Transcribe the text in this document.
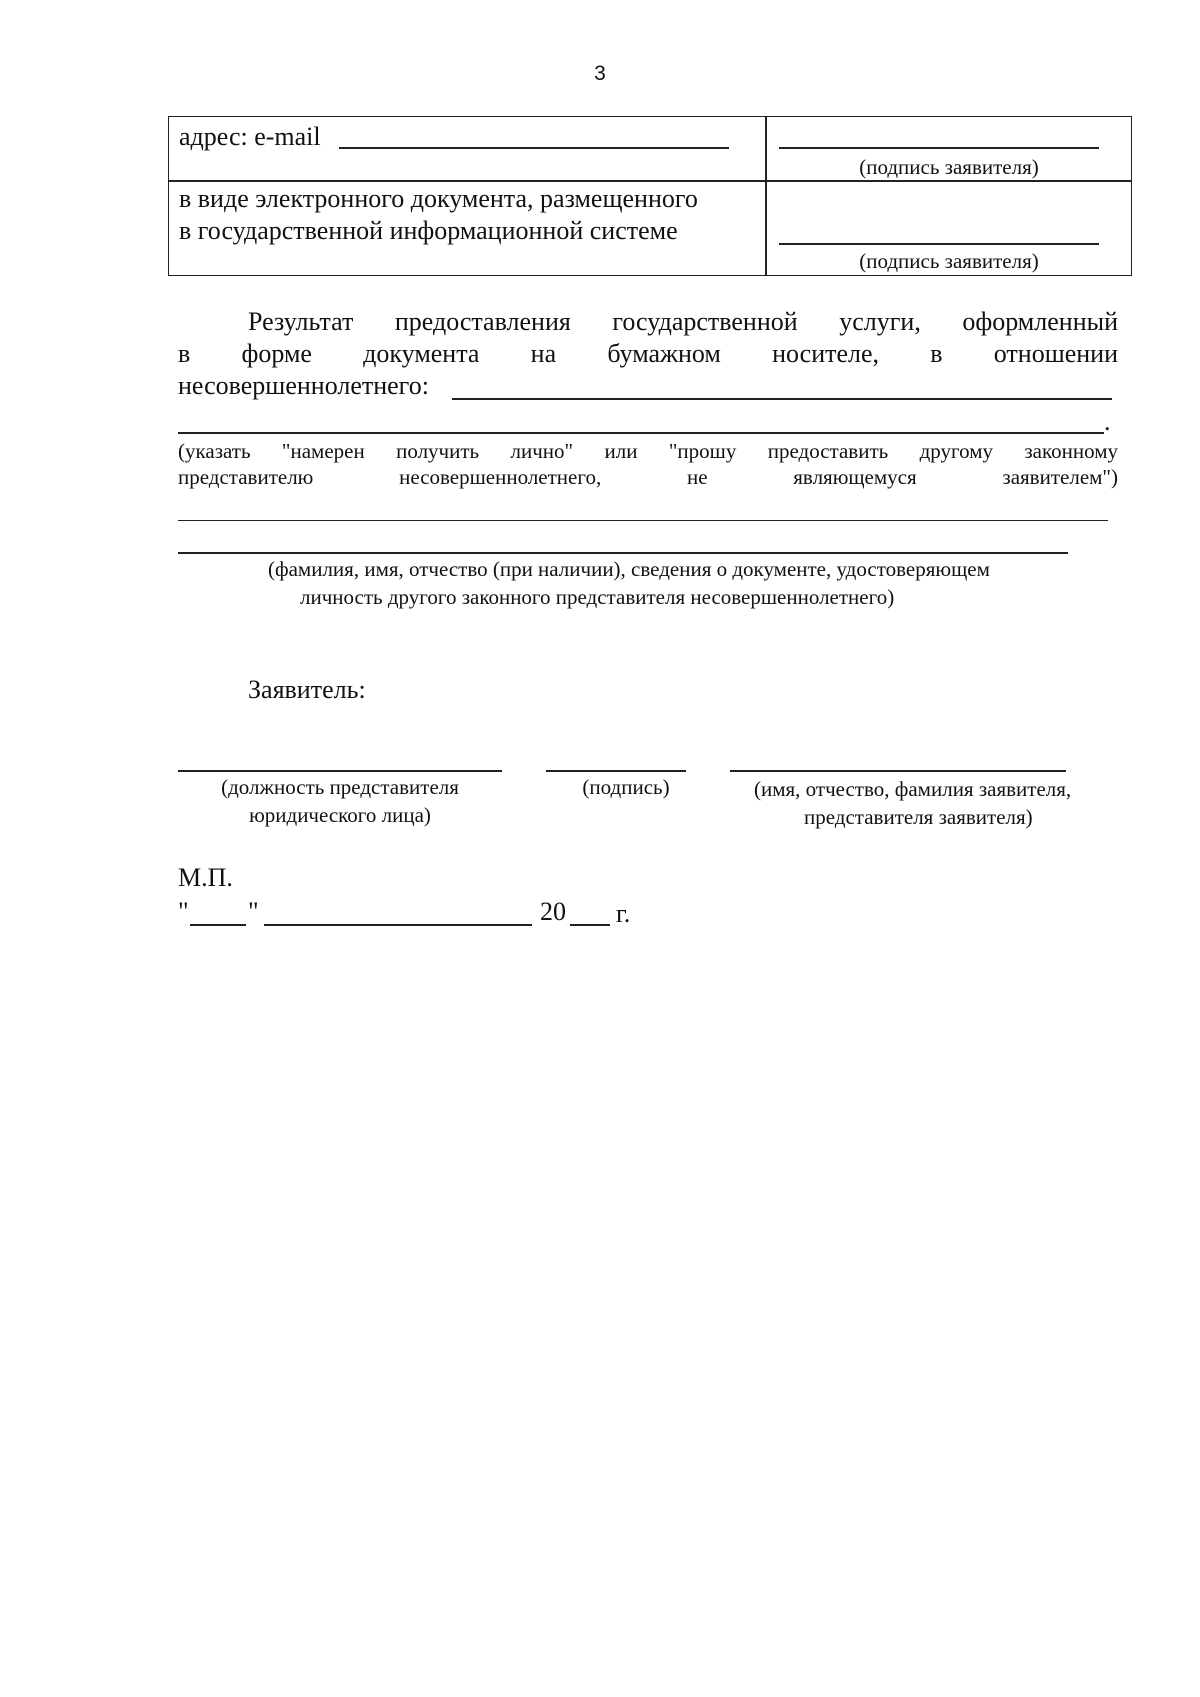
3
адрес: e-mail
(подпись заявителя)
в виде электронного документа, размещенного
в государственной информационной системе
(подпись заявителя)
Результат предоставления государственной услуги, оформленный
в форме документа на бумажном носителе, в отношении
несовершеннолетнего:
.
(указать "намерен получить лично" или "прошу предоставить другому законному
представителю несовершеннолетнего, не являющемуся заявителем")
(фамилия, имя, отчество (при наличии), сведения о документе, удостоверяющем
личность другого законного представителя несовершеннолетнего)
Заявитель:
(должность представителя
юридического лица)
(подпись)	(имя, отчество, фамилия заявителя,
представителя заявителя)
М.П.
" "	20 г.
